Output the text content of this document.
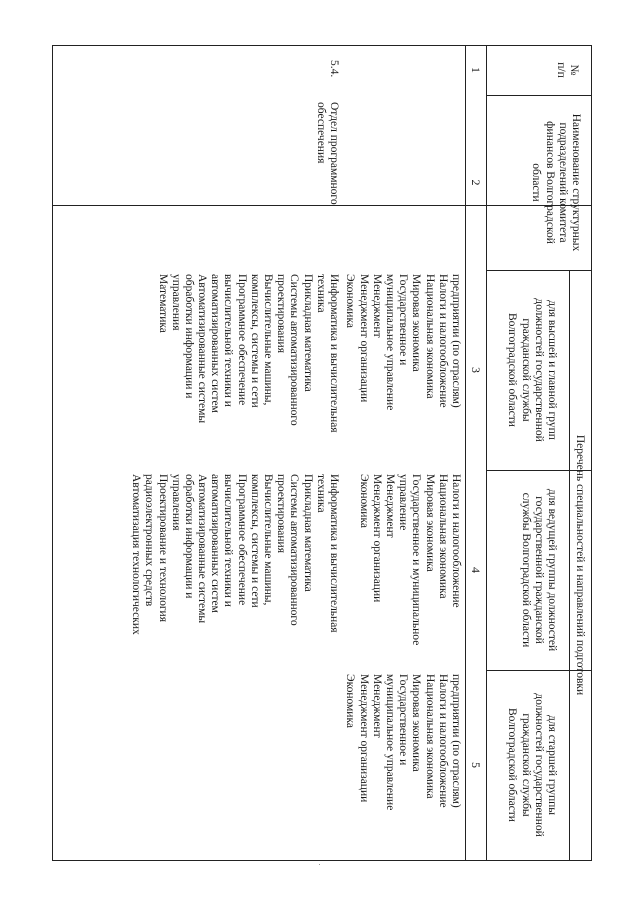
№
п/п
Наименование структурных
подразделений комитета
финансов Волгоградской
области
Перечень специальностей и направлений подготовки
для высшей и главной групп
должностей государственной
гражданской службы
Волгоградской области
для ведущей группы должностей
государственной гражданской
службы Волгоградской области
для старшей группы
должностей государственной
гражданской службы
Волгоградской области
1
2
3
4
5
предприятии (по отраслям)
Налоги и налогообложение
Национальная экономика
Мировая экономика
Государственное и
муниципальное управление
Менеджмент
Менеджмент организации
Экономика
Налоги и налогообложение
Национальная экономика
Мировая экономика
Государственное и муниципальное
управление
Менеджмент
Менеджмент организации
Экономика
предприятии (по отраслям)
Налоги и налогообложение
Национальная экономика
Мировая экономика
Государственное и
муниципальное управление
Менеджмент
Менеджмент организации
Экономика
5.4.
Отдел программного
обеспечения
Информатика и вычислительная
техника
Прикладная математика
Системы автоматизированного
проектирования
Вычислительные машины,
комплексы, системы и сети
Программное обеспечение
вычислительной техники и
автоматизированных систем
Автоматизированные системы
обработки информации и
управления
Математика
Информатика и вычислительная
техника
Прикладная математика
Системы автоматизированного
проектирования
Вычислительные машины,
комплексы, системы и сети
Программное обеспечение
вычислительной техники и
автоматизированных систем
Автоматизированные системы
обработки информации и
управления
Проектирование и технология
радиоэлектронных средств
Автоматизация технологических
